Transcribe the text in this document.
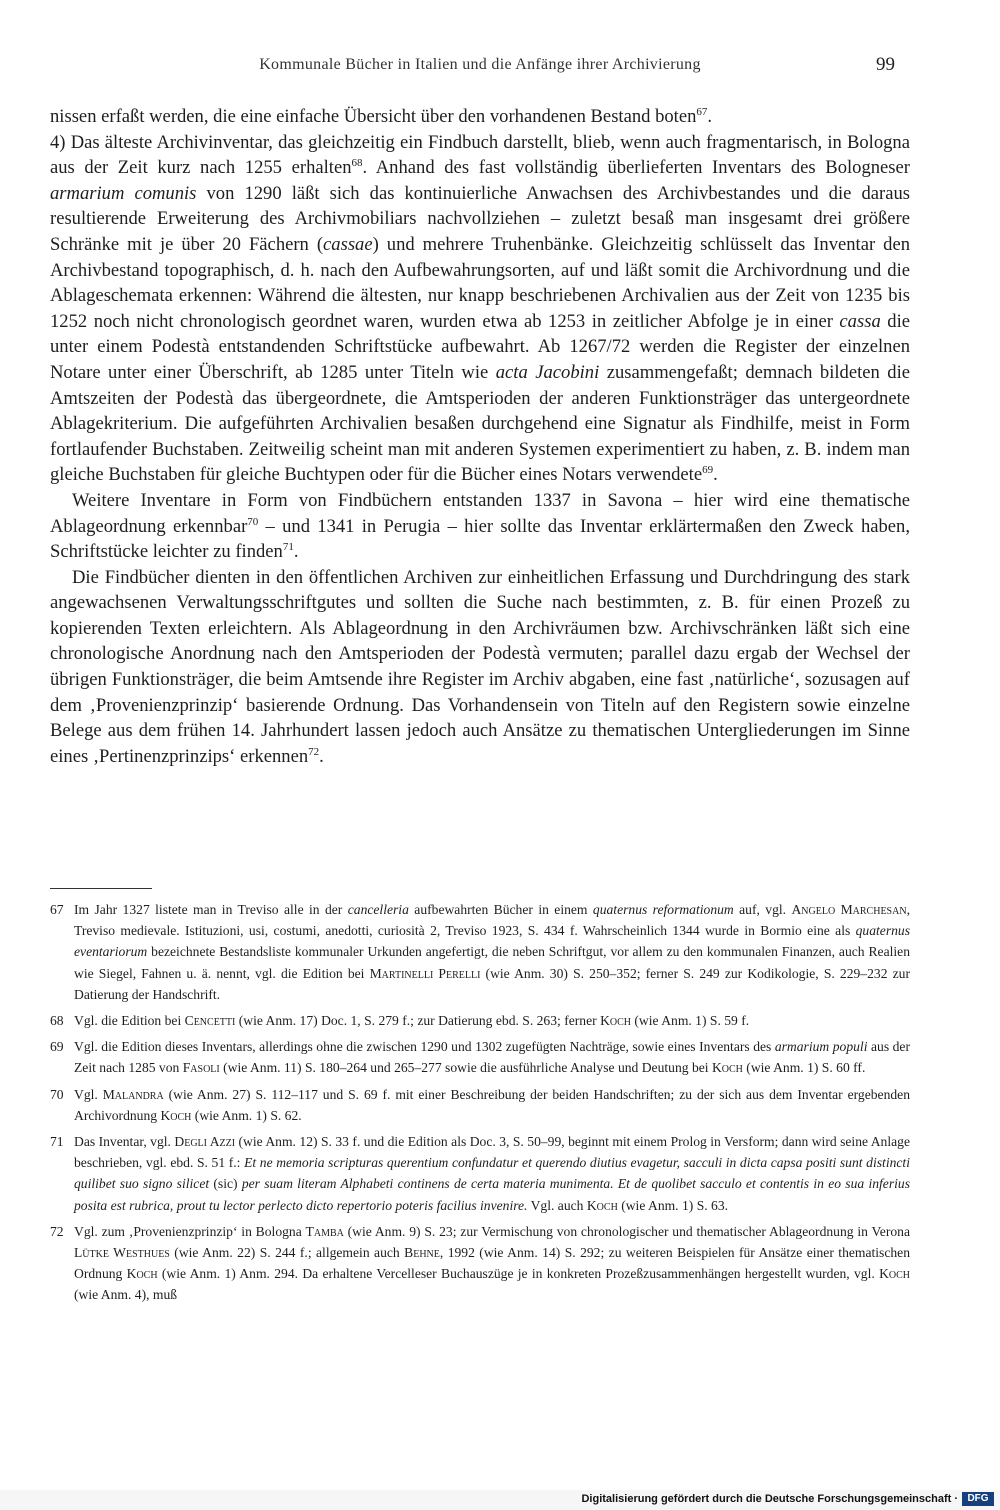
Kommunale Bücher in Italien und die Anfänge ihrer Archivierung	99

nissen erfaßt werden, die eine einfache Übersicht über den vorhandenen Bestand boten$^{67}$.
4) Das älteste Archivinventar, das gleichzeitig ein Findbuch darstellt, blieb, wenn auch fragmentarisch, in Bologna aus der Zeit kurz nach 1255 erhalten$^{68}$. Anhand des fast vollständig überlieferten Inventars des Bologneser armarium comunis von 1290 läßt sich das kontinuierliche Anwachsen des Archivbestandes und die daraus resultierende Erweiterung des Archivmobiliars nachvollziehen – zuletzt besaß man insgesamt drei größere Schränke mit je über 20 Fächern (cassae) und mehrere Truhenbänke. Gleichzeitig schlüsselt das Inventar den Archivbestand topographisch, d. h. nach den Aufbewahrungsorten, auf und läßt somit die Archivordnung und die Ablageschemata erkennen: Während die ältesten, nur knapp beschriebenen Archivalien aus der Zeit von 1235 bis 1252 noch nicht chronologisch geordnet waren, wurden etwa ab 1253 in zeitlicher Abfolge je in einer cassa die unter einem Podestà entstandenden Schriftstücke aufbewahrt. Ab 1267/72 werden die Register der einzelnen Notare unter einer Überschrift, ab 1285 unter Titeln wie acta Jacobini zusammengefaßt; demnach bildeten die Amtszeiten der Podestà das übergeordnete, die Amtsperioden der anderen Funktionsträger das untergeordnete Ablagekriterium. Die aufgeführten Archivalien besaßen durchgehend eine Signatur als Findhilfe, meist in Form fortlaufender Buchstaben. Zeitweilig scheint man mit anderen Systemen experimentiert zu haben, z. B. indem man gleiche Buchstaben für gleiche Buchtypen oder für die Bücher eines Notars verwendete$^{69}$.

Weitere Inventare in Form von Findbüchern entstanden 1337 in Savona – hier wird eine thematische Ablageordnung erkennbar$^{70}$ – und 1341 in Perugia – hier sollte das Inventar erklärtermaßen den Zweck haben, Schriftstücke leichter zu finden$^{71}$.

Die Findbücher dienten in den öffentlichen Archiven zur einheitlichen Erfassung und Durchdringung des stark angewachsenen Verwaltungsschriftgutes und sollten die Suche nach bestimmten, z. B. für einen Prozeß zu kopierenden Texten erleichtern. Als Ablageordnung in den Archivräumen bzw. Archivschränken läßt sich eine chronologische Anordnung nach den Amtsperioden der Podestà vermuten; parallel dazu ergab der Wechsel der übrigen Funktionsträger, die beim Amtsende ihre Register im Archiv abgaben, eine fast ‚natürliche‘, sozusagen auf dem ‚Provenienzprinzip‘ basierende Ordnung. Das Vorhandensein von Titeln auf den Registern sowie einzelne Belege aus dem frühen 14. Jahrhundert lassen jedoch auch Ansätze zu thematischen Untergliederungen im Sinne eines ‚Pertinenzprinzips‘ erkennen$^{72}$.

67 Im Jahr 1327 listete man in Treviso alle in der cancelleria aufbewahrten Bücher in einem quaternus reformationum auf, vgl. Angelo Marchesan, Treviso medievale. Istituzioni, usi, costumi, anedotti, curiosità 2, Treviso 1923, S. 434 f. Wahrscheinlich 1344 wurde in Bormio eine als quaternus eventariorum bezeichnete Bestandsliste kommunaler Urkunden angefertigt, die neben Schriftgut, vor allem zu den kommunalen Finanzen, auch Realien wie Siegel, Fahnen u. ä. nennt, vgl. die Edition bei Martinelli Perelli (wie Anm. 30) S. 250–352; ferner S. 249 zur Kodikologie, S. 229–232 zur Datierung der Handschrift.
68 Vgl. die Edition bei Cencetti (wie Anm. 17) Doc. 1, S. 279 f.; zur Datierung ebd. S. 263; ferner Koch (wie Anm. 1) S. 59 f.
69 Vgl. die Edition dieses Inventars, allerdings ohne die zwischen 1290 und 1302 zugefügten Nachträge, sowie eines Inventars des armarium populi aus der Zeit nach 1285 von Fasoli (wie Anm. 11) S. 180–264 und 265–277 sowie die ausführliche Analyse und Deutung bei Koch (wie Anm. 1) S. 60 ff.
70 Vgl. Malandra (wie Anm. 27) S. 112–117 und S. 69 f. mit einer Beschreibung der beiden Handschriften; zu der sich aus dem Inventar ergebenden Archivordnung Koch (wie Anm. 1) S. 62.
71 Das Inventar, vgl. Degli Azzi (wie Anm. 12) S. 33 f. und die Edition als Doc. 3, S. 50–99, beginnt mit einem Prolog in Versform; dann wird seine Anlage beschrieben, vgl. ebd. S. 51 f.: Et ne memoria scripturas querentium confundatur et querendo diutius evagetur, sacculi in dicta capsa positi sunt distincti quilibet suo signo silicet (sic) per suam literam Alphabeti continens de certa materia munimenta. Et de quolibet sacculo et contentis in eo sua inferius posita est rubrica, prout tu lector perlecto dicto repertorio poteris facilius invenire. Vgl. auch Koch (wie Anm. 1) S. 63.
72 Vgl. zum ‚Provenienzprinzip‘ in Bologna Tamba (wie Anm. 9) S. 23; zur Vermischung von chronologischer und thematischer Ablageordnung in Verona Lütke Westhues (wie Anm. 22) S. 244 f.; allgemein auch Behne, 1992 (wie Anm. 14) S. 292; zu weiteren Beispielen für Ansätze einer thematischen Ordnung Koch (wie Anm. 1) Anm. 294. Da erhaltene Vercelleser Buchauszüge je in konkreten Prozeßzusammenhängen hergestellt wurden, vgl. Koch (wie Anm. 4), muß
Digitalisierung gefördert durch die Deutsche Forschungsgemeinschaft · DFG
